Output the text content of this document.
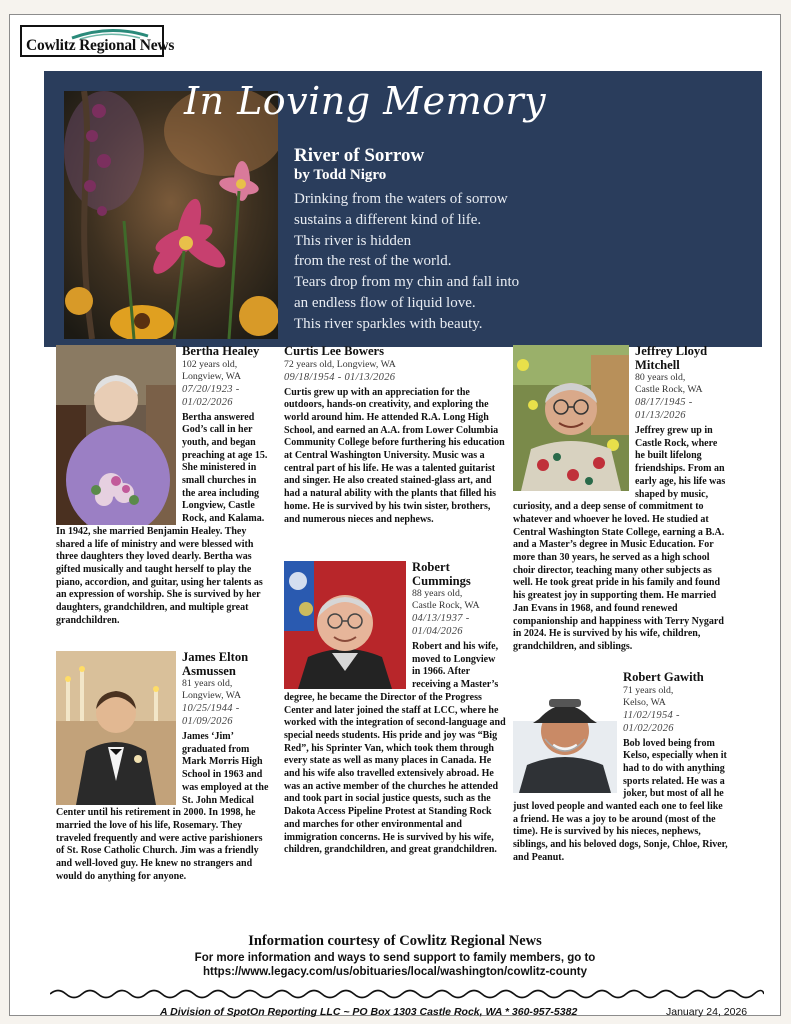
Cowlitz Regional News
In Loving Memory
River of Sorrow
by Todd Nigro
Drinking from the waters of sorrow
sustains a different kind of life.
This river is hidden
from the rest of the world.
Tears drop from my chin and fall into
an endless flow of liquid love.
This river sparkles with beauty.
Bertha Healey
102 years old,
Longview, WA
07/20/1923 - 01/02/2026
Bertha answered God’s call in her youth, and began preaching at age 15. She ministered in small churches in the area including Longview, Castle Rock, and Kalama. In 1942, she married Benjamin Healey. They shared a life of ministry and were blessed with three daughters they loved dearly. Bertha was gifted musically and taught herself to play the piano, accordion, and guitar, using her talents as an expression of worship. She is survived by her daughters, grandchildren, and multiple great grandchildren.
James Elton Asmussen
81 years old,
Longview, WA
10/25/1944 - 01/09/2026
James ‘Jim’ graduated from Mark Morris High School in 1963 and was employed at the St. John Medical Center until his retirement in 2000. In 1998, he married the love of his life, Rosemary. They traveled frequently and were active parishioners of St. Rose Catholic Church. Jim was a friendly and well-loved guy. He knew no strangers and would do anything for anyone.
Curtis Lee Bowers
72 years old, Longview, WA
09/18/1954 - 01/13/2026
Curtis grew up with an appreciation for the outdoors, hands-on creativity, and exploring the world around him. He attended R.A. Long High School, and earned an A.A. from Lower Columbia Community College before furthering his education at Central Washington University. Music was a central part of his life. He was a talented guitarist and singer. He also created stained-glass art, and had a natural ability with the plants that filled his home. He is survived by his twin sister, brothers, and numerous nieces and nephews.
Robert Cummings
88 years old,
Castle Rock, WA
04/13/1937 - 01/04/2026
Robert and his wife, moved to Longview in 1966. After receiving a Master’s degree, he became the Director of the Progress Center and later joined the staff at LCC, where he worked with the integration of second-language and special needs students. His pride and joy was “Big Red”, his Sprinter Van, which took them through every state as well as many places in Canada. He and his wife also travelled extensively abroad. He was an active member of the churches he attended and took part in social justice quests, such as the Dakota Access Pipeline Protest at Standing Rock and marches for other environmental and immigration concerns. He is survived by his wife, children, grandchildren, and great grandchildren.
Jeffrey Lloyd Mitchell
80 years old,
Castle Rock, WA
08/17/1945 - 01/13/2026
Jeffrey grew up in Castle Rock, where he built lifelong friendships. From an early age, his life was shaped by music, curiosity, and a deep sense of commitment to whatever and whoever he loved. He studied at Central Washington State College, earning a B.A. and a Master’s degree in Music Education. For more than 30 years, he served as a high school choir director, teaching many other subjects as well. He took great pride in his family and found his greatest joy in supporting them. He married Jan Evans in 1968, and found renewed companionship and happiness with Terry Nygard in 2024. He is survived by his wife, children, grandchildren, and siblings.
Robert Gawith
71 years old,
Kelso, WA
11/02/1954 - 01/02/2026
Bob loved being from Kelso, especially when it had to do with anything sports related. He was a joker, but most of all he just loved people and wanted each one to feel like a friend. He was a joy to be around (most of the time). He is survived by his nieces, nephews, siblings, and his beloved dogs, Sonje, Chloe, River, and Peanut.
Information courtesy of Cowlitz Regional News
For more information and ways to send support to family members, go to
https://www.legacy.com/us/obituaries/local/washington/cowlitz-county
A Division of SpotOn Reporting LLC ~ PO Box 1303 Castle Rock, WA * 360-957-5382	January 24, 2026
